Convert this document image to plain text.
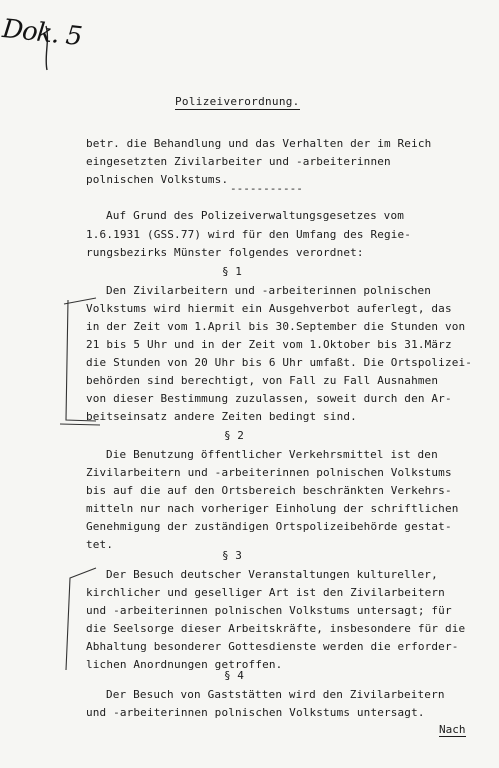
Dok. 5
Polizeiverordnung.
betr. die Behandlung und das Verhalten der im Reich
eingesetzten Zivilarbeiter und -arbeiterinnen
polnischen Volkstums.
-----------
Auf Grund des Polizeiverwaltungsgesetzes vom
1.6.1931 (GSS.77) wird für den Umfang des Regie-
rungsbezirks Münster folgendes verordnet:
§ 1
Den Zivilarbeitern und -arbeiterinnen polnischen
Volkstums wird hiermit ein Ausgehverbot auferlegt, das
in der Zeit vom 1.April bis 30.September die Stunden von
21 bis 5 Uhr und in der Zeit vom 1.Oktober bis 31.März
die Stunden von 20 Uhr bis 6 Uhr umfaßt. Die Ortspolizei-
behörden sind berechtigt, von Fall zu Fall Ausnahmen
von dieser Bestimmung zuzulassen, soweit durch den Ar-
beitseinsatz andere Zeiten bedingt sind.
§ 2
Die Benutzung öffentlicher Verkehrsmittel ist den
Zivilarbeitern und -arbeiterinnen polnischen Volkstums
bis auf die auf den Ortsbereich beschränkten Verkehrs-
mitteln nur nach vorheriger Einholung der schriftlichen
Genehmigung der zuständigen Ortspolizeibehörde gestat-
tet.
§ 3
Der Besuch deutscher Veranstaltungen kultureller,
kirchlicher und geselliger Art ist den Zivilarbeitern
und -arbeiterinnen polnischen Volkstums untersagt; für
die Seelsorge dieser Arbeitskräfte, insbesondere für die
Abhaltung besonderer Gottesdienste werden die erforder-
lichen Anordnungen getroffen.
§ 4
Der Besuch von Gaststätten wird den Zivilarbeitern
und -arbeiterinnen polnischen Volkstums untersagt.
Nach
